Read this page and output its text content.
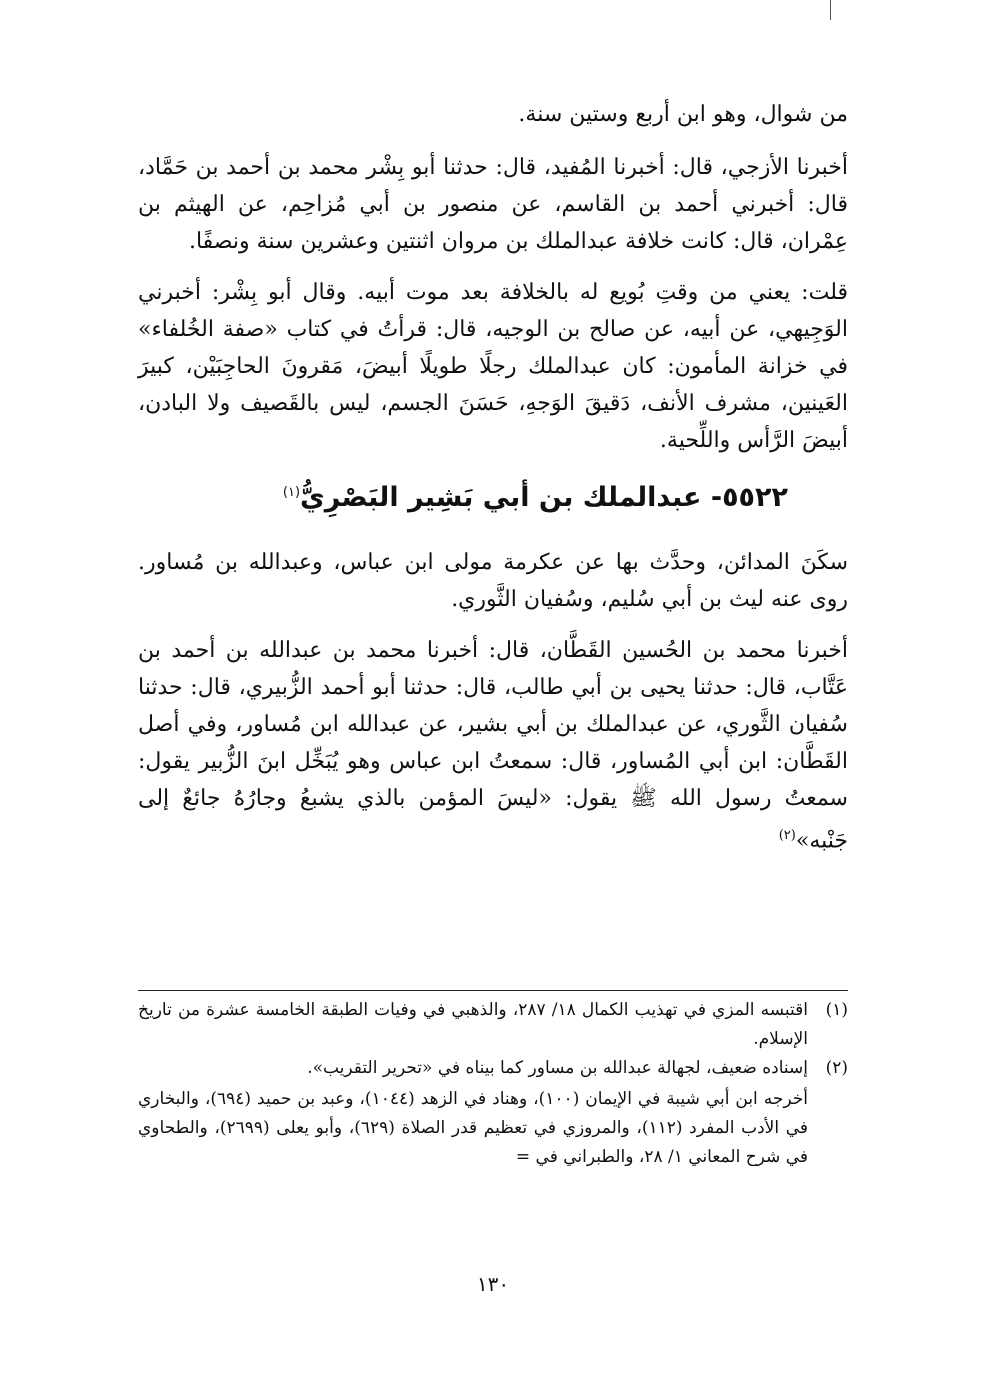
من شوال، وهو ابن أربع وستين سنة.

أخبرنا الأزجي، قال: أخبرنا المُفيد، قال: حدثنا أبو بِشْر محمد بن أحمد بن حَمَّاد، قال: أخبرني أحمد بن القاسم، عن منصور بن أبي مُزاحِم، عن الهيثم بن عِمْران، قال: كانت خلافة عبدالملك بن مروان اثنتين وعشرين سنة ونصفًا.

قلت: يعني من وقتِ بُويع له بالخلافة بعد موت أبيه. وقال أبو بِشْر: أخبرني الوَجِيهي، عن أبيه، عن صالح بن الوجيه، قال: قرأتُ في كتاب «صفة الخُلفاء» في خزانة المأمون: كان عبدالملك رجلًا طويلًا أبيضَ، مَقرونَ الحاجِبَيْن، كبيرَ العَينين، مشرف الأنف، دَقيقَ الوَجهِ، حَسَنَ الجسم، ليس بالقَصيف ولا البادن، أبيضَ الرَّأس واللِّحية.

٥٥٢٢- عبدالملك بن أبي بَشِير البَصْرِيُّ$^{(١)}$

سكَنَ المدائن، وحدَّث بها عن عكرمة مولى ابن عباس، وعبدالله بن مُساور. روى عنه ليث بن أبي سُليم، وسُفيان الثَّوري.

أخبرنا محمد بن الحُسين القَطَّان، قال: أخبرنا محمد بن عبدالله بن أحمد بن عَتَّاب، قال: حدثنا يحيى بن أبي طالب، قال: حدثنا أبو أحمد الزُّبيري، قال: حدثنا سُفيان الثَّوري، عن عبدالملك بن أبي بشير، عن عبدالله ابن مُساور، وفي أصل القَطَّان: ابن أبي المُساور، قال: سمعتُ ابن عباس وهو يُبَخِّل ابنَ الزُّبير يقول: سمعتُ رسول الله ﷺ يقول: «ليسَ المؤمن بالذي يشبعُ وجارُهُ جائعٌ إلى جَنْبه»$^{(٢)}$

(١)
اقتبسه المزي في تهذيب الكمال ١٨/ ٢٨٧، والذهبي في وفيات الطبقة الخامسة عشرة من تاريخ الإسلام.
(٢)
إسناده ضعيف، لجهالة عبدالله بن مساور كما بيناه في «تحرير التقريب».

أخرجه ابن أبي شيبة في الإيمان (١٠٠)، وهناد في الزهد (١٠٤٤)، وعبد بن حميد (٦٩٤)، والبخاري في الأدب المفرد (١١٢)، والمروزي في تعظيم قدر الصلاة (٦٢٩)، وأبو يعلى (٢٦٩٩)، والطحاوي في شرح المعاني ١/ ٢٨، والطبراني في =

١٣٠
